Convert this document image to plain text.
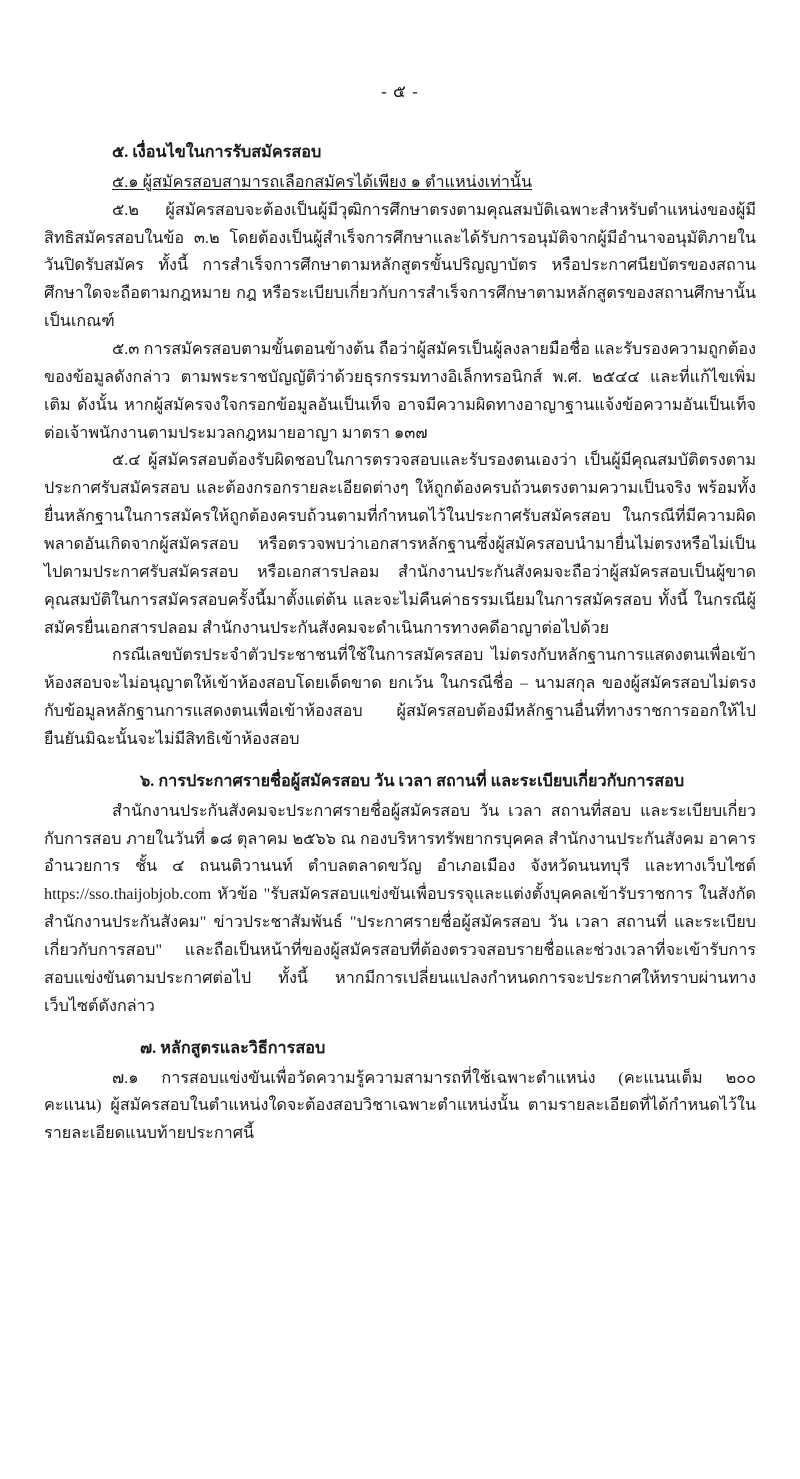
- ๕ -

๕. เงื่อนไขในการรับสมัครสอบ

๕.๑ ผู้สมัครสอบสามารถเลือกสมัครได้เพียง ๑ ตำแหน่งเท่านั้น

๕.๒ ผู้สมัครสอบจะต้องเป็นผู้มีวุฒิการศึกษาตรงตามคุณสมบัติเฉพาะสำหรับตำแหน่งของผู้มีสิทธิสมัครสอบในข้อ ๓.๒ โดยต้องเป็นผู้สำเร็จการศึกษาและได้รับการอนุมัติจากผู้มีอำนาจอนุมัติภายในวันปิดรับสมัคร ทั้งนี้ การสำเร็จการศึกษาตามหลักสูตรขั้นปริญญาบัตร หรือประกาศนียบัตรของสถานศึกษาใดจะถือตามกฎหมาย กฎ หรือระเบียบเกี่ยวกับการสำเร็จการศึกษาตามหลักสูตรของสถานศึกษานั้นเป็นเกณฑ์

๕.๓ การสมัครสอบตามขั้นตอนข้างต้น ถือว่าผู้สมัครเป็นผู้ลงลายมือชื่อ และรับรองความถูกต้องของข้อมูลดังกล่าว ตามพระราชบัญญัติว่าด้วยธุรกรรมทางอิเล็กทรอนิกส์ พ.ศ. ๒๕๔๔ และที่แก้ไขเพิ่มเติม ดังนั้น หากผู้สมัครจงใจกรอกข้อมูลอันเป็นเท็จ อาจมีความผิดทางอาญาฐานแจ้งข้อความอันเป็นเท็จ ต่อเจ้าพนักงานตามประมวลกฎหมายอาญา มาตรา ๑๓๗

๕.๔ ผู้สมัครสอบต้องรับผิดชอบในการตรวจสอบและรับรองตนเองว่า เป็นผู้มีคุณสมบัติตรงตามประกาศรับสมัครสอบ และต้องกรอกรายละเอียดต่างๆ ให้ถูกต้องครบถ้วนตรงตามความเป็นจริง พร้อมทั้งยื่นหลักฐานในการสมัครให้ถูกต้องครบถ้วนตามที่กำหนดไว้ในประกาศรับสมัครสอบ ในกรณีที่มีความผิดพลาดอันเกิดจากผู้สมัครสอบ หรือตรวจพบว่าเอกสารหลักฐานซึ่งผู้สมัครสอบนำมายื่นไม่ตรงหรือไม่เป็นไปตามประกาศรับสมัครสอบ หรือเอกสารปลอม สำนักงานประกันสังคมจะถือว่าผู้สมัครสอบเป็นผู้ขาดคุณสมบัติในการสมัครสอบครั้งนี้มาตั้งแต่ต้น และจะไม่คืนค่าธรรมเนียมในการสมัครสอบ ทั้งนี้ ในกรณีผู้สมัครยื่นเอกสารปลอม สำนักงานประกันสังคมจะดำเนินการทางคดีอาญาต่อไปด้วย

กรณีเลขบัตรประจำตัวประชาชนที่ใช้ในการสมัครสอบ ไม่ตรงกับหลักฐานการแสดงตนเพื่อเข้าห้องสอบจะไม่อนุญาตให้เข้าห้องสอบโดยเด็ดขาด ยกเว้น ในกรณีชื่อ – นามสกุล ของผู้สมัครสอบไม่ตรงกับข้อมูลหลักฐานการแสดงตนเพื่อเข้าห้องสอบ ผู้สมัครสอบต้องมีหลักฐานอื่นที่ทางราชการออกให้ไปยืนยันมิฉะนั้นจะไม่มีสิทธิเข้าห้องสอบ

๖. การประกาศรายชื่อผู้สมัครสอบ วัน เวลา สถานที่ และระเบียบเกี่ยวกับการสอบ

สำนักงานประกันสังคมจะประกาศรายชื่อผู้สมัครสอบ วัน เวลา สถานที่สอบ และระเบียบเกี่ยวกับการสอบ ภายในวันที่ ๑๘ ตุลาคม ๒๕๖๖ ณ กองบริหารทรัพยากรบุคคล สำนักงานประกันสังคม อาคารอำนวยการ ชั้น ๔ ถนนติวานนท์ ตำบลตลาดขวัญ อำเภอเมือง จังหวัดนนทบุรี และทางเว็บไซต์ https://sso.thaijobjob.com หัวข้อ "รับสมัครสอบแข่งขันเพื่อบรรจุและแต่งตั้งบุคคลเข้ารับราชการ ในสังกัดสำนักงานประกันสังคม" ข่าวประชาสัมพันธ์ "ประกาศรายชื่อผู้สมัครสอบ วัน เวลา สถานที่ และระเบียบเกี่ยวกับการสอบ" และถือเป็นหน้าที่ของผู้สมัครสอบที่ต้องตรวจสอบรายชื่อและช่วงเวลาที่จะเข้ารับการสอบแข่งขันตามประกาศต่อไป ทั้งนี้ หากมีการเปลี่ยนแปลงกำหนดการจะประกาศให้ทราบผ่านทางเว็บไซต์ดังกล่าว

๗. หลักสูตรและวิธีการสอบ

๗.๑ การสอบแข่งขันเพื่อวัดความรู้ความสามารถที่ใช้เฉพาะตำแหน่ง (คะแนนเต็ม ๒๐๐ คะแนน) ผู้สมัครสอบในตำแหน่งใดจะต้องสอบวิชาเฉพาะตำแหน่งนั้น ตามรายละเอียดที่ได้กำหนดไว้ในรายละเอียดแนบท้ายประกาศนี้
